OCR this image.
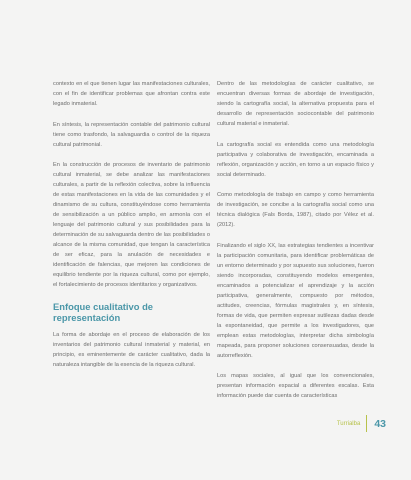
contexto en el que tienen lugar las manifestaciones culturales, con el fin de identificar problemas que afrontan contra este legado inmaterial.

En síntesis, la representación contable del patrimonio cultural tiene como trasfondo, la salvaguardia o control de la riqueza cultural patrimonial.

En la construcción de procesos de inventario de patrimonio cultural inmaterial, se debe analizar las manifestaciones culturales, a partir de la reflexión colectiva, sobre la influencia de estas manifestaciones en la vida de las comunidades y el dinamismo de su cultura, constituyéndose como herramienta de sensibilización a un público amplio, en armonía con el lenguaje del patrimonio cultural y sus posibilidades para la determinación de su salvaguarda dentro de las posibilidades o alcance de la misma comunidad, que tengan la característica de ser eficaz, para la anulación de necesidades e identificación de falencias, que mejoren las condiciones de equilibrio tendiente por la riqueza cultural, como por ejemplo, el fortalecimiento de procesos identitarios y organizativos.

Enfoque cualitativo de representación

La forma de abordaje en el proceso de elaboración de los inventarios del patrimonio cultural inmaterial y material, en principio, es eminentemente de carácter cualitativo, dada la naturaleza intangible de la esencia de la riqueza cultural.

Dentro de las metodologías de carácter cualitativo, se encuentran diversas formas de abordaje de investigación, siendo la cartografía social, la alternativa propuesta para el desarrollo de representación sociocontable del patrimonio cultural material e inmaterial.

La cartografía social es entendida como una metodología participativa y colaborativa de investigación, encaminada a reflexión, organización y acción, en torno a un espacio físico y social determinado.

Como metodología de trabajo en campo y como herramienta de investigación, se concibe a la cartografía social como una técnica dialógica (Fals Borda, 1987), citado por Vélez et al. (2012).

Finalizando el siglo XX, las estrategias tendientes a incentivar la participación comunitaria, para identificar problemáticas de un entorno determinado y por supuesto sus soluciones, fueron siendo incorporadas, constituyendo modelos emergentes, encaminados a potencializar el aprendizaje y la acción participativa, generalmente, compuesto por métodos, actitudes, creencias, fórmulas magistrales y, en síntesis, formas de vida, que permiten expresar sutilezas dadas desde la espontaneidad, que permite a los investigadores, que emplean estas metodologías, interpretar dicha simbología mapeada, para proponer soluciones consensuadas, desde la autorreflexión.

Los mapas sociales, al igual que los convencionales, presentan información espacial a diferentes escalas. Esta información puede dar cuenta de características

Turrialba 43
